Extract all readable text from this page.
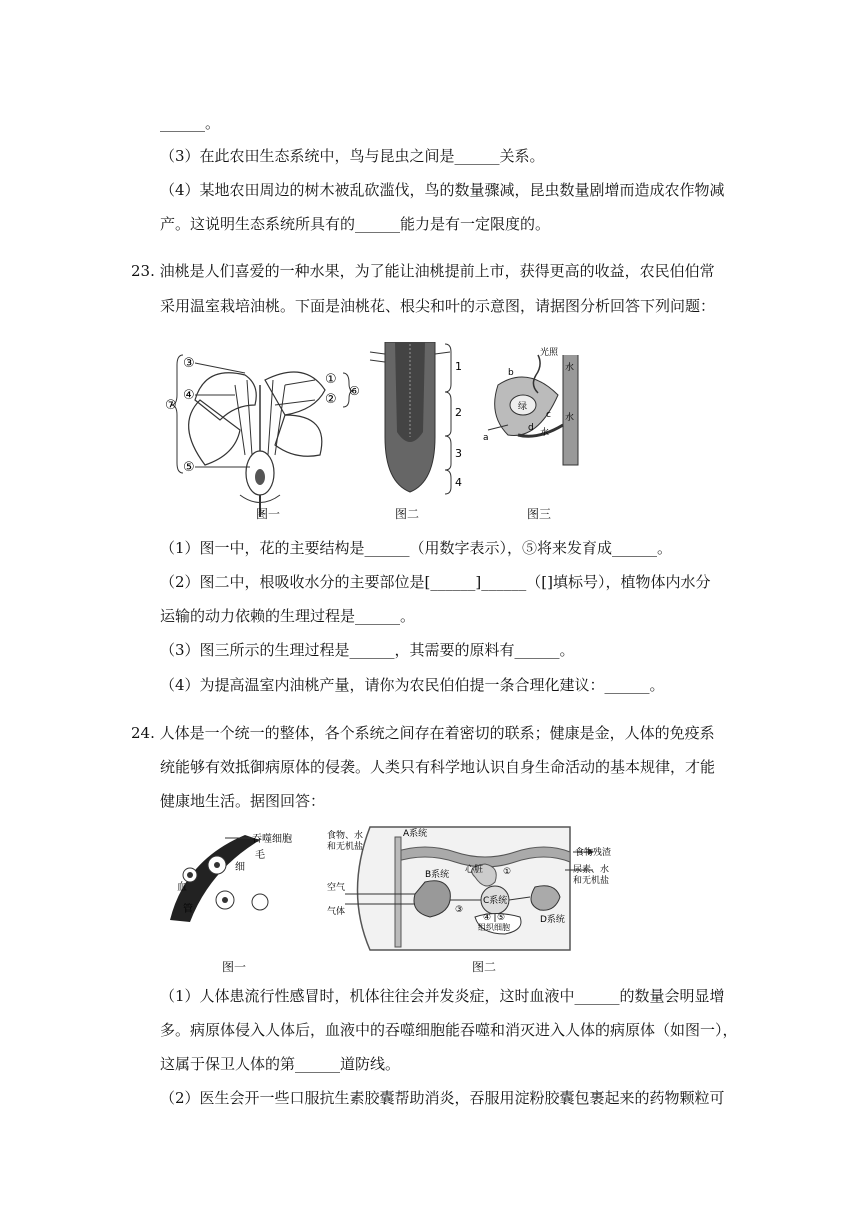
______。
（3）在此农田生态系统中，鸟与昆虫之间是______关系。
（4）某地农田周边的树木被乱砍滥伐，鸟的数量骤减，昆虫数量剧增而造成农作物减
产。这说明生态系统所具有的______能力是有一定限度的。
23. 油桃是人们喜爱的一种水果，为了能让油桃提前上市，获得更高的收益，农民伯伯常
采用温室栽培油桃。下面是油桃花、根尖和叶的示意图，请据图分析回答下列问题：
③
④
⑦
⑤
①
②
⑥
图一
1
2
3
4
图二
光照
水
水
水
绿
a
b
c
d
图三
（1）图一中，花的主要结构是______（用数字表示），⑤将来发育成______。
（2）图二中，根吸收水分的主要部位是[______]______（[]填标号），植物体内水分
运输的动力依赖的生理过程是______。
（3）图三所示的生理过程是______，其需要的原料有______。
（4）为提高温室内油桃产量，请你为农民伯伯提一条合理化建议：______。
24. 人体是一个统一的整体，各个系统之间存在着密切的联系；健康是金，人体的免疫系
统能够有效抵御病原体的侵袭。人类只有科学地认识自身生命活动的基本规律，才能
健康地生活。据图回答：
吞噬细胞
毛
细
血
管
图一
食物、水
和无机盐
A系统
食物残渣
心脏 ①
B系统
C系统
尿素、水
和无机盐
空气
③
④ ⑤	D系统
气体
组织细胞
图二
（1）人体患流行性感冒时，机体往往会并发炎症，这时血液中______的数量会明显增
多。病原体侵入人体后，血液中的吞噬细胞能吞噬和消灭进入人体的病原体（如图一），
这属于保卫人体的第______道防线。
（2）医生会开一些口服抗生素胶囊帮助消炎，吞服用淀粉胶囊包裹起来的药物颗粒可
